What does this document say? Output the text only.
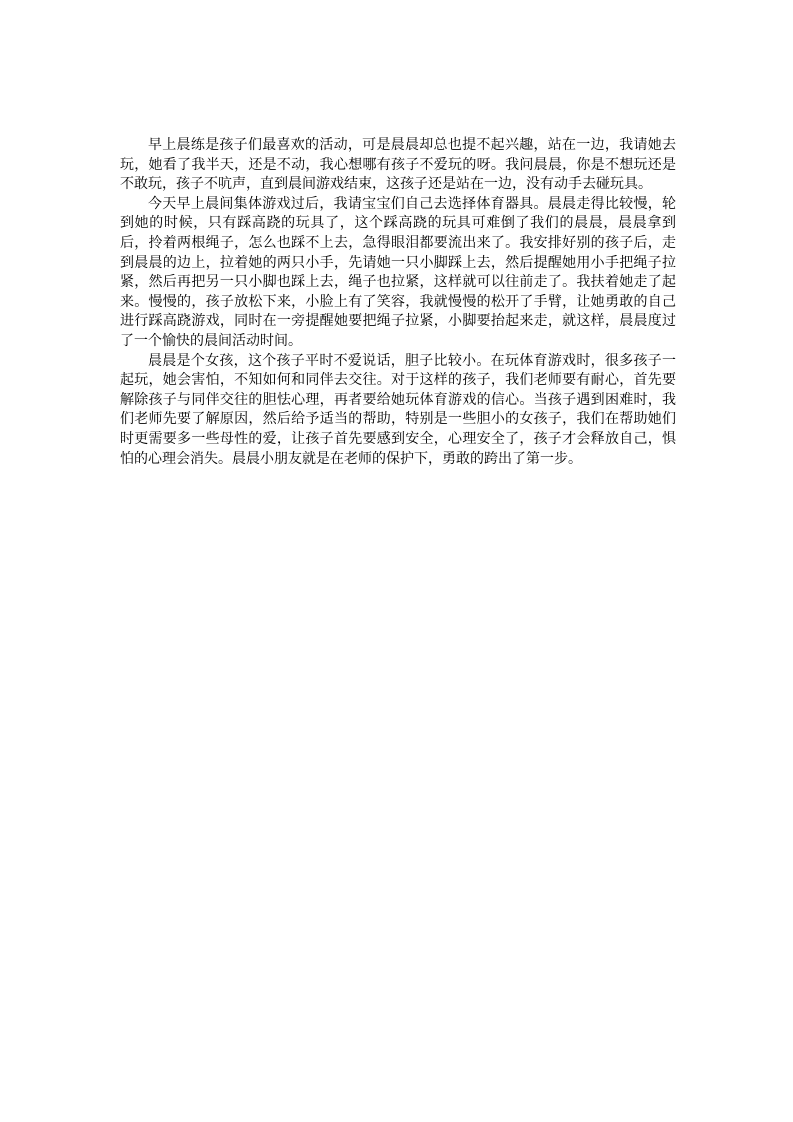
早上晨练是孩子们最喜欢的活动，可是晨晨却总也提不起兴趣，站在一边，我请她去玩，她看了我半天，还是不动，我心想哪有孩子不爱玩的呀。我问晨晨，你是不想玩还是不敢玩，孩子不吭声，直到晨间游戏结束，这孩子还是站在一边，没有动手去碰玩具。

今天早上晨间集体游戏过后，我请宝宝们自己去选择体育器具。晨晨走得比较慢，轮到她的时候，只有踩高跷的玩具了，这个踩高跷的玩具可难倒了我们的晨晨，晨晨拿到后，拎着两根绳子，怎么也踩不上去，急得眼泪都要流出来了。我安排好别的孩子后，走到晨晨的边上，拉着她的两只小手，先请她一只小脚踩上去，然后提醒她用小手把绳子拉紧，然后再把另一只小脚也踩上去，绳子也拉紧，这样就可以往前走了。我扶着她走了起来。慢慢的，孩子放松下来，小脸上有了笑容，我就慢慢的松开了手臂，让她勇敢的自己进行踩高跷游戏，同时在一旁提醒她要把绳子拉紧，小脚要抬起来走，就这样，晨晨度过了一个愉快的晨间活动时间。

晨晨是个女孩，这个孩子平时不爱说话，胆子比较小。在玩体育游戏时，很多孩子一起玩，她会害怕，不知如何和同伴去交往。对于这样的孩子，我们老师要有耐心，首先要解除孩子与同伴交往的胆怯心理，再者要给她玩体育游戏的信心。当孩子遇到困难时，我们老师先要了解原因，然后给予适当的帮助，特别是一些胆小的女孩子，我们在帮助她们时更需要多一些母性的爱，让孩子首先要感到安全，心理安全了，孩子才会释放自己，惧怕的心理会消失。晨晨小朋友就是在老师的保护下，勇敢的跨出了第一步。
